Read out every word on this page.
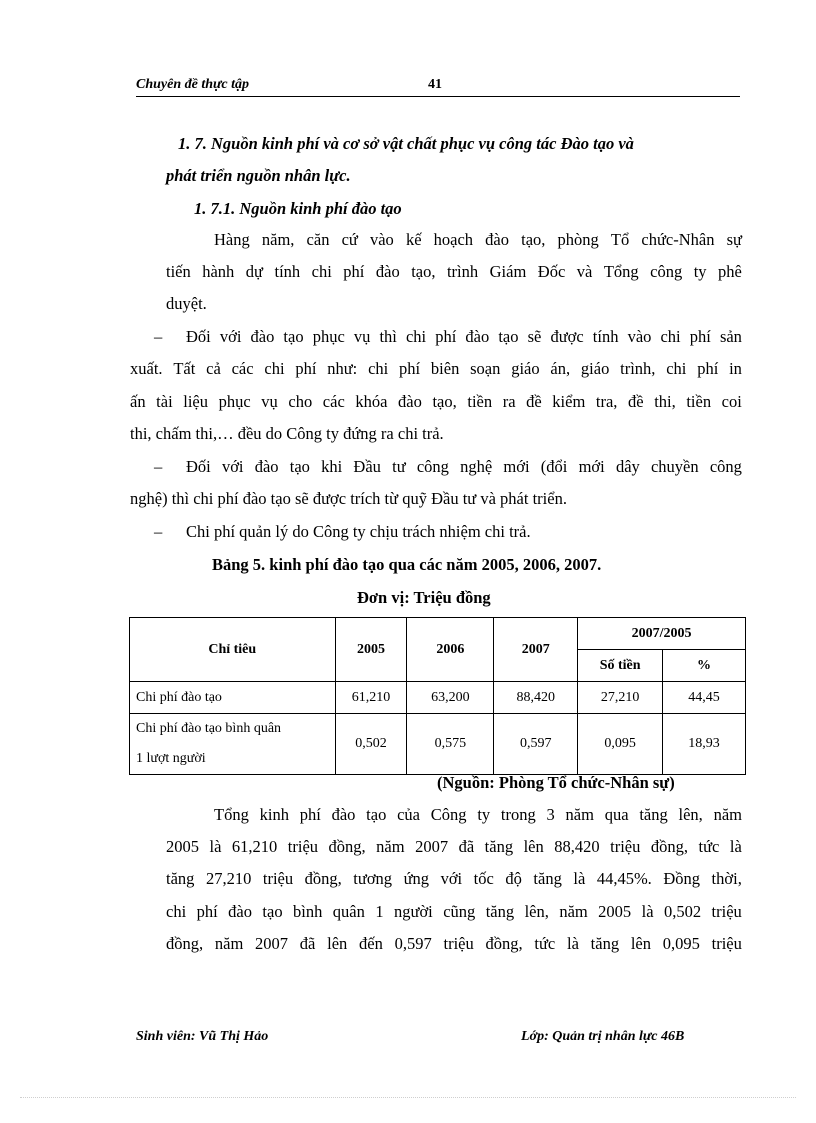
Chuyên đề thực tập	41
1. 7. Nguồn kinh phí và cơ sở vật chất phục vụ công tác Đào tạo và
phát triển nguồn nhân lực.
1. 7.1. Nguồn kinh phí đào tạo
Hàng năm, căn cứ vào kế hoạch đào tạo, phòng Tổ chức-Nhân sự
tiến hành dự tính chi phí đào tạo, trình Giám Đốc và Tổng công ty phê
duyệt.
– Đối với đào tạo phục vụ thì chi phí đào tạo sẽ được tính vào chi phí sản
xuất. Tất cả các chi phí như: chi phí biên soạn giáo án, giáo trình, chi phí in
ấn tài liệu phục vụ cho các khóa đào tạo, tiền ra đề kiểm tra, đề thi, tiền coi
thi, chấm thi,… đều do Công ty đứng ra chi trả.
– Đối với đào tạo khi Đầu tư công nghệ mới (đổi mới dây chuyền công
nghệ) thì chi phí đào tạo sẽ được trích từ quỹ Đầu tư và phát triển.
– Chi phí quản lý do Công ty chịu trách nhiệm chi trả.
Bảng 5. kinh phí đào tạo qua các năm 2005, 2006, 2007.
Đơn vị: Triệu đồng
Chỉ tiêu	2005	2006	2007	2007/2005	
				Số tiền	%
Chi phí đào tạo	61,210	63,200	88,420	27,210	44,45

Chi phí đào tạo bình quân
1 lượt người	0,502	0,575	0,597	0,095	18,93
(Nguồn: Phòng Tổ chức-Nhân sự)
Tổng kinh phí đào tạo của Công ty trong 3 năm qua tăng lên, năm
2005 là 61,210 triệu đồng, năm 2007 đã tăng lên 88,420 triệu đồng, tức là
tăng 27,210 triệu đồng, tương ứng với tốc độ tăng là 44,45%. Đồng thời,
chi phí đào tạo bình quân 1 người cũng tăng lên, năm 2005 là 0,502 triệu
đồng, năm 2007 đã lên đến 0,597 triệu đồng, tức là tăng lên 0,095 triệu
Sinh viên: Vũ Thị Hảo	Lớp: Quản trị nhân lực 46B
